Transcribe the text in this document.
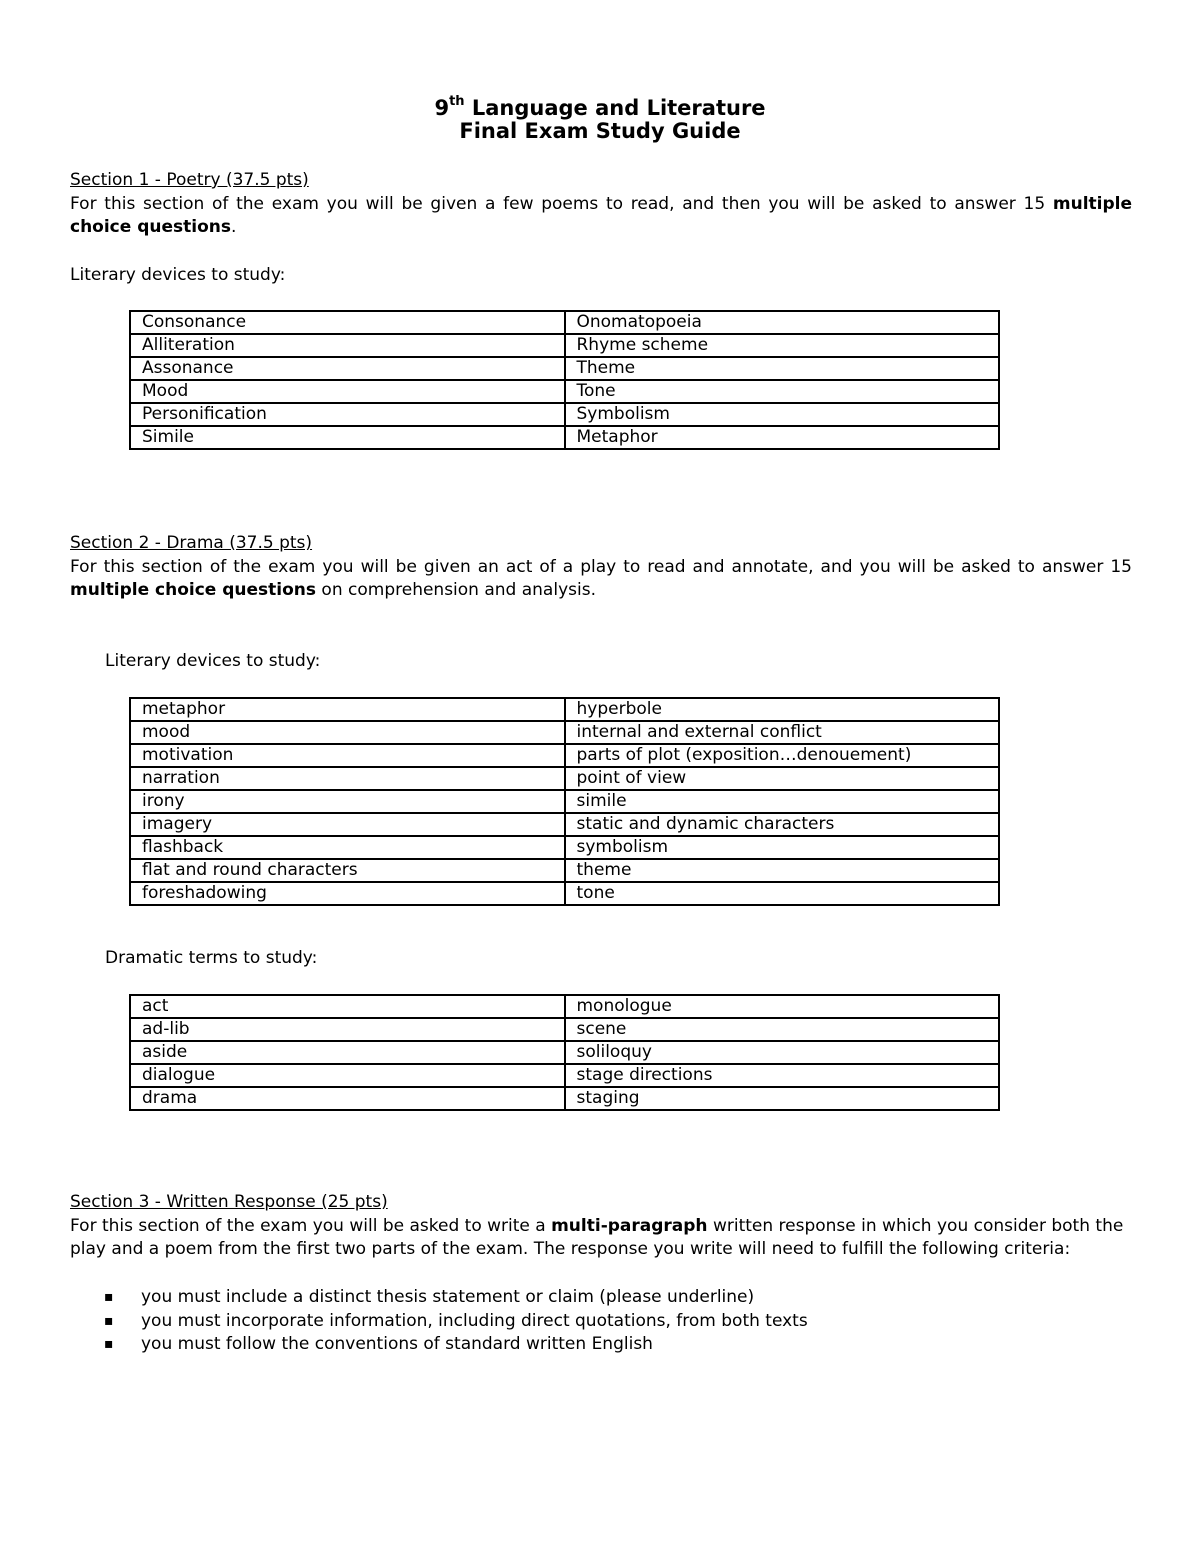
9th Language and Literature
Final Exam Study Guide
Section 1 - Poetry (37.5 pts)
For this section of the exam you will be given a few poems to read, and then you will be asked to answer 15 multiple choice questions.
Literary devices to study:
Consonance	Onomatopoeia
Alliteration	Rhyme scheme
Assonance	Theme
Mood	Tone
Personification	Symbolism
Simile	Metaphor
Section 2 - Drama (37.5 pts)
For this section of the exam you will be given an act of a play to read and annotate, and you will be asked to answer 15 multiple choice questions on comprehension and analysis.
Literary devices to study:
metaphor	hyperbole
mood	internal and external conflict
motivation	parts of plot (exposition…denouement)
narration	point of view
irony	simile
imagery	static and dynamic characters
flashback	symbolism
flat and round characters	theme
foreshadowing	tone
Dramatic terms to study:
act	monologue
ad-lib	scene
aside	soliloquy
dialogue	stage directions
drama	staging
Section 3 - Written Response (25 pts)
For this section of the exam you will be asked to write a multi-paragraph written response in which you consider both the play and a poem from the first two parts of the exam. The response you write will need to fulfill the following criteria:
▪ you must include a distinct thesis statement or claim (please underline)
▪ you must incorporate information, including direct quotations, from both texts
▪ you must follow the conventions of standard written English
